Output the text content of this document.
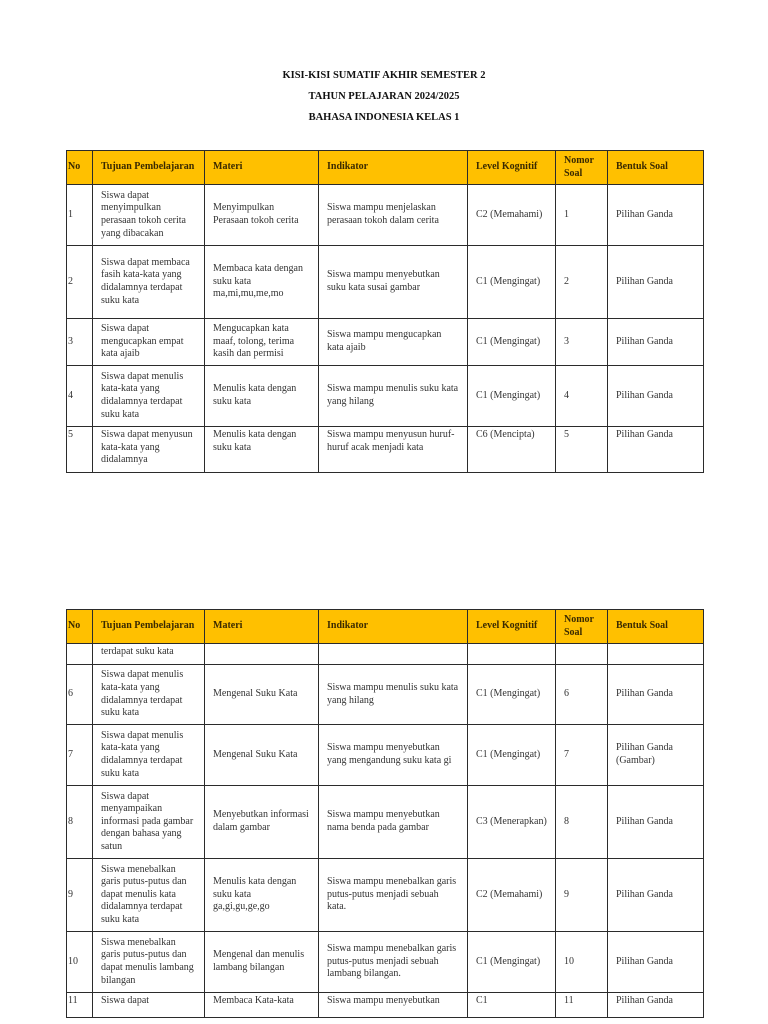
KISI-KISI SUMATIF AKHIR SEMESTER 2
TAHUN PELAJARAN 2024/2025
BAHASA INDONESIA KELAS 1
No	Tujuan Pembelajaran	Materi	Indikator	Level Kognitif	Nomor Soal	Bentuk Soal
1	Siswa dapat menyimpulkan perasaan tokoh cerita yang dibacakan	Menyimpulkan Perasaan tokoh cerita	Siswa mampu menjelaskan perasaan tokoh dalam cerita	C2 (Memahami)	1	Pilihan Ganda
2	Siswa dapat membaca fasih kata-kata yang didalamnya terdapat suku kata	Membaca kata dengan suku kata ma,mi,mu,me,mo	Siswa mampu menyebutkan suku kata susai gambar	C1 (Mengingat)	2	Pilihan Ganda
3	Siswa dapat mengucapkan empat kata ajaib	Mengucapkan kata maaf, tolong, terima kasih dan permisi	Siswa mampu mengucapkan kata ajaib	C1 (Mengingat)	3	Pilihan Ganda
4	Siswa dapat menulis kata-kata yang didalamnya terdapat suku kata	Menulis kata dengan suku kata	Siswa mampu menulis suku kata yang hilang	C1 (Mengingat)	4	Pilihan Ganda
5	Siswa dapat menyusun kata-kata yang didalamnya	Menulis kata dengan suku kata	Siswa mampu menyusun huruf-huruf acak menjadi kata	C6 (Mencipta)	5	Pilihan Ganda
No	Tujuan Pembelajaran	Materi	Indikator	Level Kognitif	Nomor Soal	Bentuk Soal
	terdapat suku kata					
6	Siswa dapat menulis kata-kata yang didalamnya terdapat suku kata	Mengenal Suku Kata	Siswa mampu menulis suku kata yang hilang	C1 (Mengingat)	6	Pilihan Ganda
7	Siswa dapat menulis kata-kata yang didalamnya terdapat suku kata	Mengenal Suku Kata	Siswa mampu menyebutkan yang mengandung suku kata gi	C1 (Mengingat)	7	Pilihan Ganda (Gambar)
8	Siswa dapat menyampaikan informasi pada gambar dengan bahasa yang satun	Menyebutkan informasi dalam gambar	Siswa mampu menyebutkan nama benda pada gambar	C3 (Menerapkan)	8	Pilihan Ganda
9	Siswa menebalkan garis putus-putus dan dapat menulis kata didalamnya terdapat suku kata	Menulis kata dengan suku kata ga,gi,gu,ge,go	Siswa mampu menebalkan garis putus-putus menjadi sebuah kata.	C2 (Memahami)	9	Pilihan Ganda
10	Siswa menebalkan garis putus-putus dan dapat menulis lambang bilangan	Mengenal dan menulis lambang bilangan	Siswa mampu menebalkan garis putus-putus menjadi sebuah lambang bilangan.	C1 (Mengingat)	10	Pilihan Ganda
11	Siswa dapat	Membaca Kata-kata	Siswa mampu menyebutkan	C1	11	Pilihan Ganda
